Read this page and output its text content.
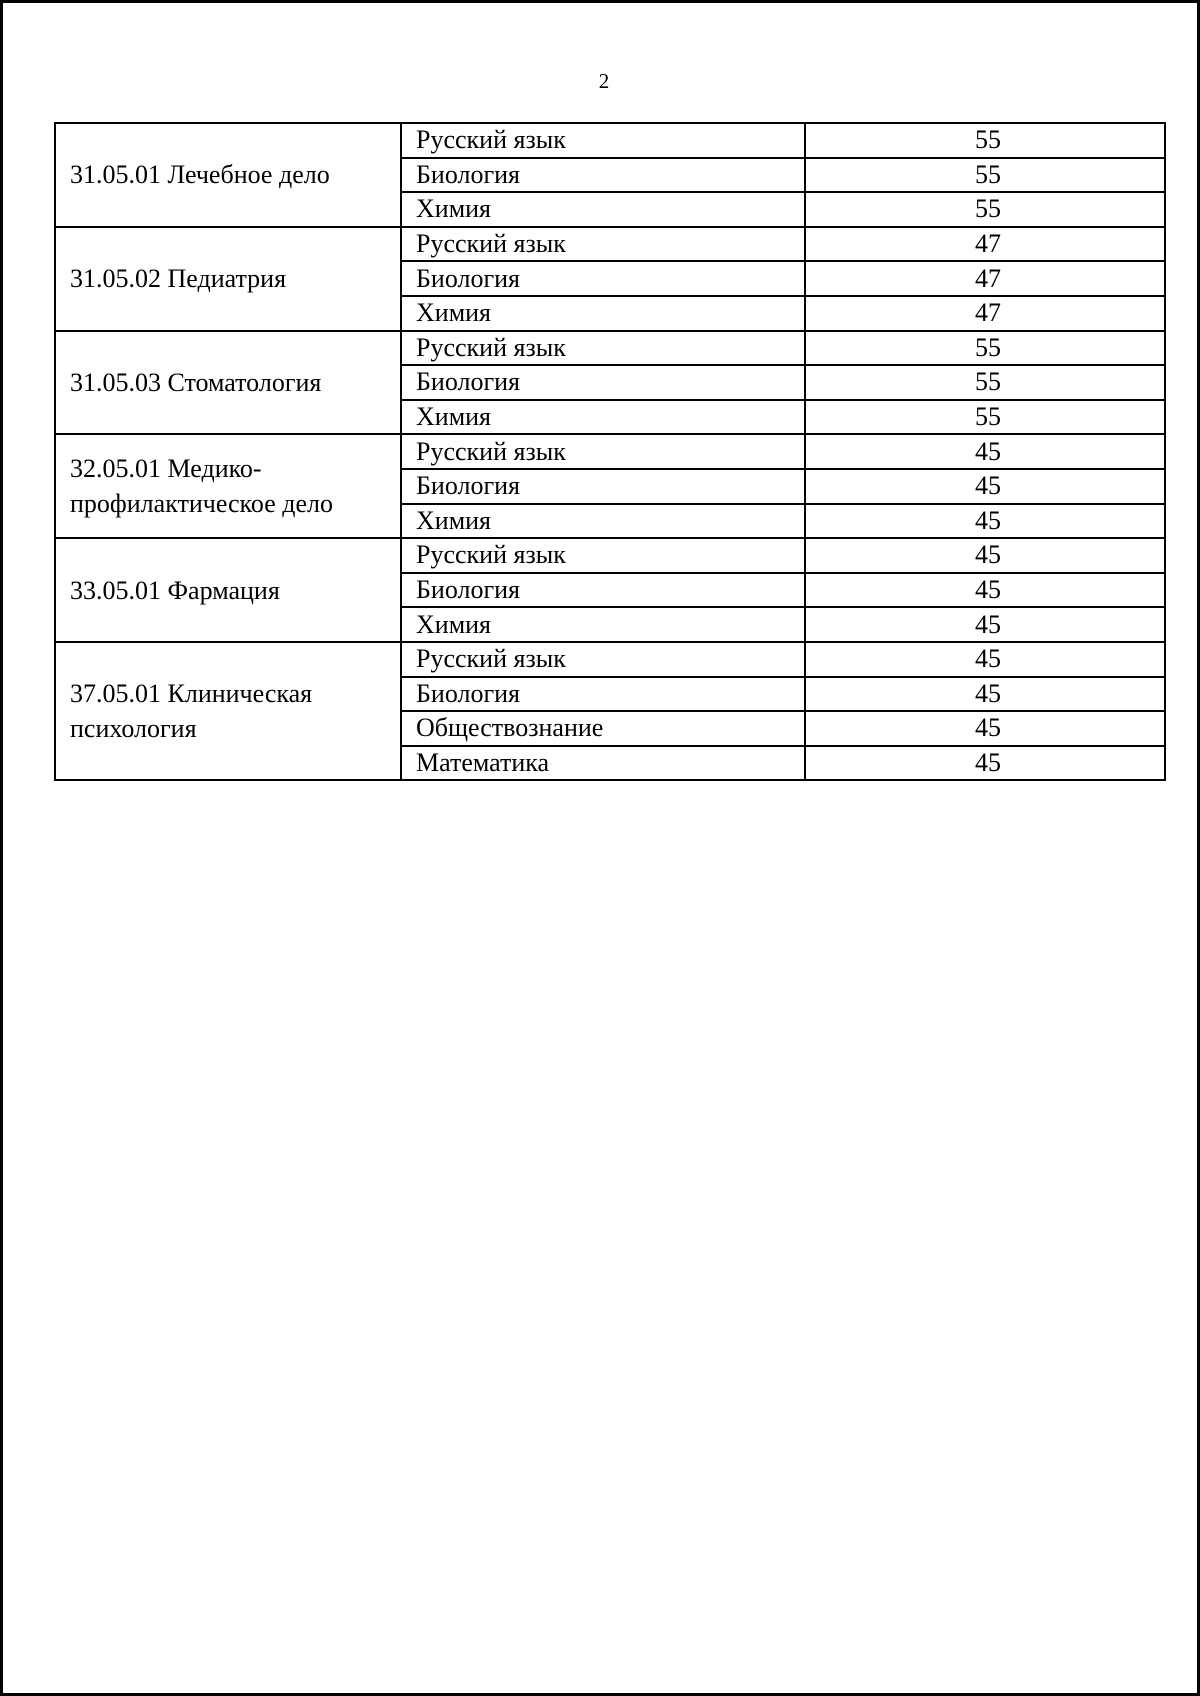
2
31.05.01 Лечебное дело	Русский язык	55
	Биология	55
	Химия	55
31.05.02 Педиатрия	Русский язык	47
	Биология	47
	Химия	47
31.05.03 Стоматология	Русский язык	55
	Биология	55
	Химия	55
32.05.01 Медико-профилактическое дело	Русский язык	45
	Биология	45
	Химия	45
33.05.01 Фармация	Русский язык	45
	Биология	45
	Химия	45
37.05.01 Клиническая психология	Русский язык	45
	Биология	45
	Обществознание	45
	Математика	45
